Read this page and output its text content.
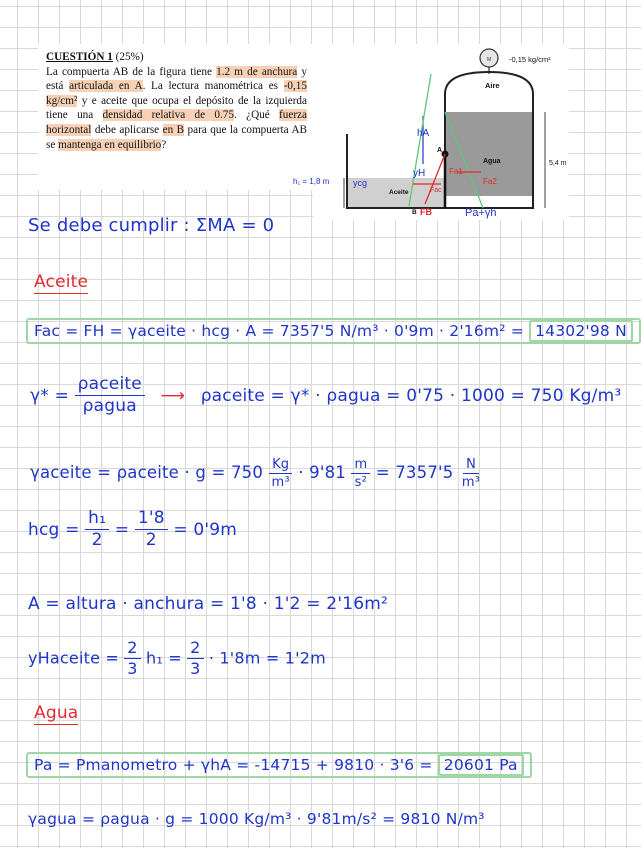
CUESTIÓN 1 (25%)
La compuerta AB de la figura tiene 1.2 m de anchura y está articulada en A. La lectura manométrica es -0,15 kg/cm² y e aceite que ocupa el depósito de la izquierda tiene una densidad relativa de 0.75. ¿Qué fuerza horizontal debe aplicarse en B para que la compuerta AB se mantenga en equilibrio?
M -0,15 kg/cm²
Aire
Agua
Aceite
A
B
5,4 m
h₁ = 1,8 m
hA
yH
ycg
Fa1
Fa2
Fac
FB	Pa+γh
Se debe cumplir : ΣMA = 0
Aceite
Fac = FH = γaceite · hcg · A = 7357'5 N/m³ · 0'9m · 2'16m² = 14302'98 N
$\gamma* = \frac{\text{ρaceite}}{\text{ρagua}}$ ⟶ ρaceite = γ* · ρagua = 0'75 · 1000 = 750 Kg/m³
γaceite = ρaceite · $g = 750 \frac{Kg}{\text{m³}} \cdot 9'81 \frac{m}{\text{s²}} = 7357'5 \frac{N}{\text{m³}}$
hcg = $\frac{\text{h₁}}{2} = \frac{1'8}{2} = 0'9m$
A = altura · anchura = 1'8 · 1'2 = 2'16m²
yHaceite = $\frac{2}{3} h_1 = \frac{2}{3} \cdot 1'8m = 1'2m$
Agua
Pa = Pmanometro + γhA = -14715 + 9810 · 3'6 = 20601 Pa
γagua = ρagua · g = 1000 Kg/m³ · 9'81m/s² = 9810 N/m³
